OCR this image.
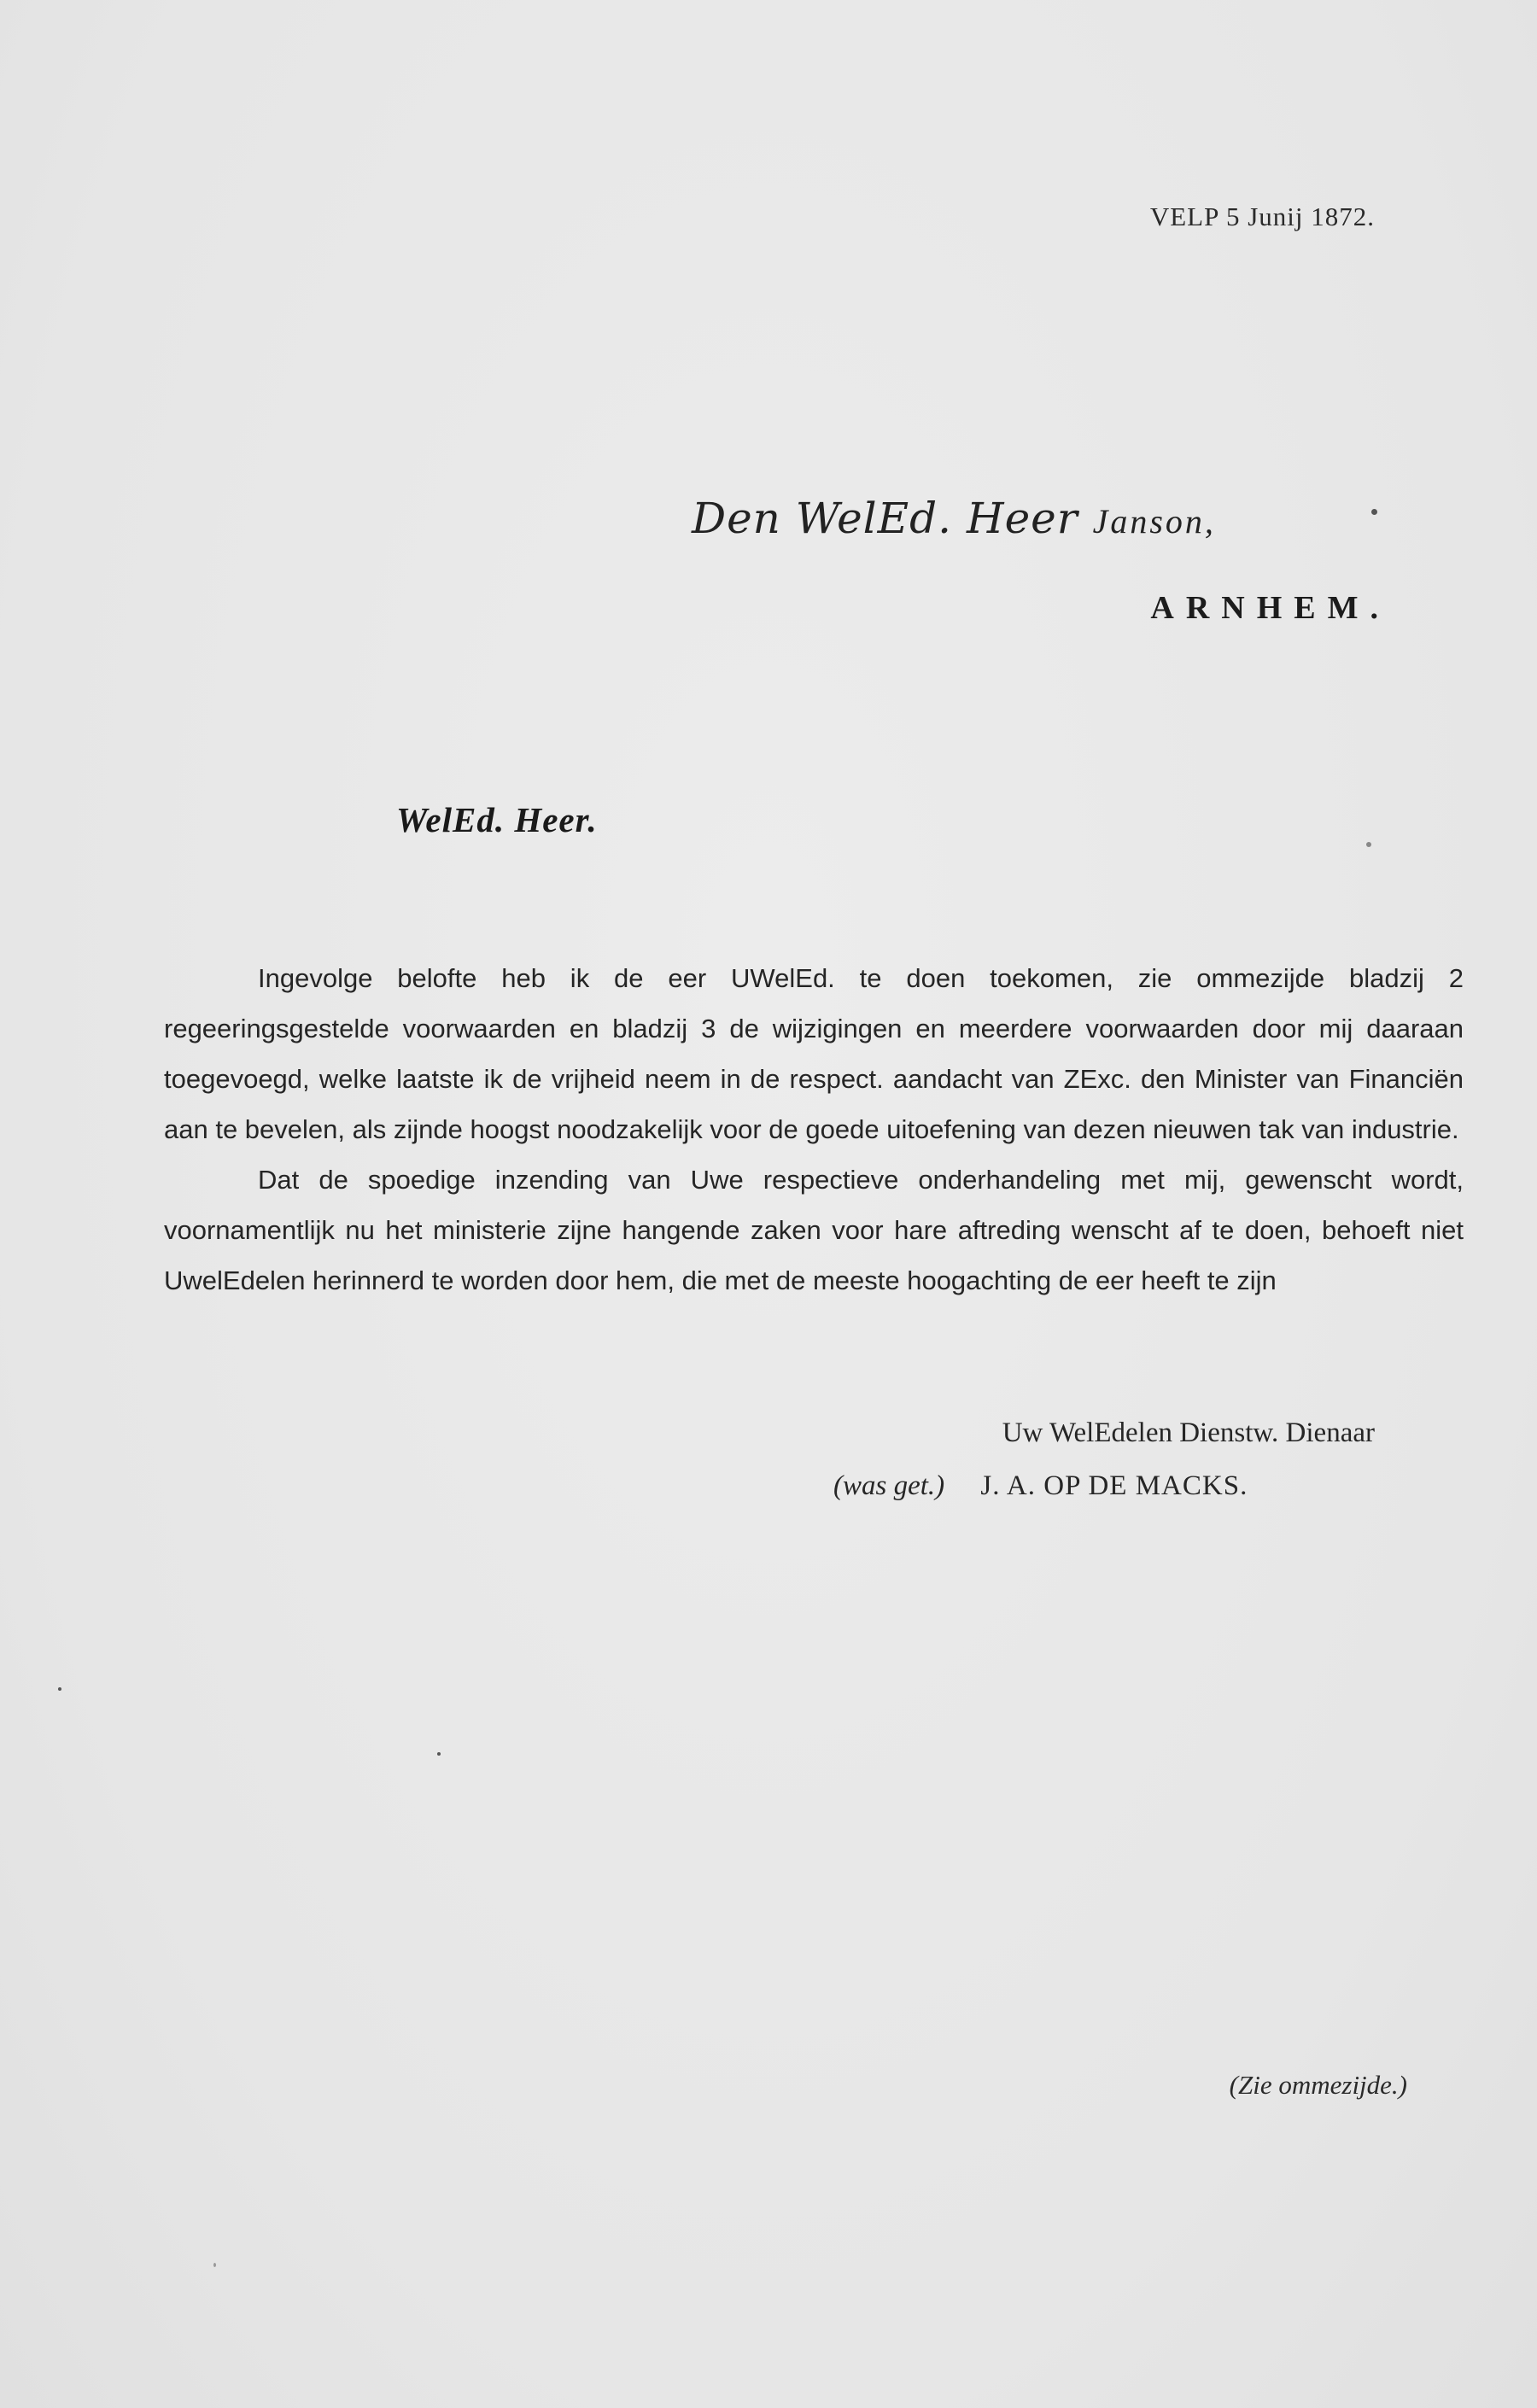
VELP 5 Junij 1872.
Den WelEd. Heer Janson,
ARNHEM.
WelEd. Heer.

Ingevolge belofte heb ik de eer UWelEd. te doen toekomen, zie ommezijde bladzij 2 regeeringsgestelde voorwaarden en bladzij 3 de wijzigingen en meerdere voorwaarden door mij daaraan toegevoegd, welke laatste ik de vrijheid neem in de respect. aandacht van ZExc. den Minister van Financiën aan te bevelen, als zijnde hoogst noodzakelijk voor de goede uitoefening van dezen nieuwen tak van industrie.

Dat de spoedige inzending van Uwe respectieve onderhandeling met mij, gewenscht wordt, voornamentlijk nu het ministerie zijne hangende zaken voor hare aftreding wenscht af te doen, behoeft niet UwelEdelen herinnerd te worden door hem, die met de meeste hoogachting de eer heeft te zijn

Uw WelEdelen Dienstw. Dienaar
(was get.) J. A. OP DE MACKS.
(Zie ommezijde.)
